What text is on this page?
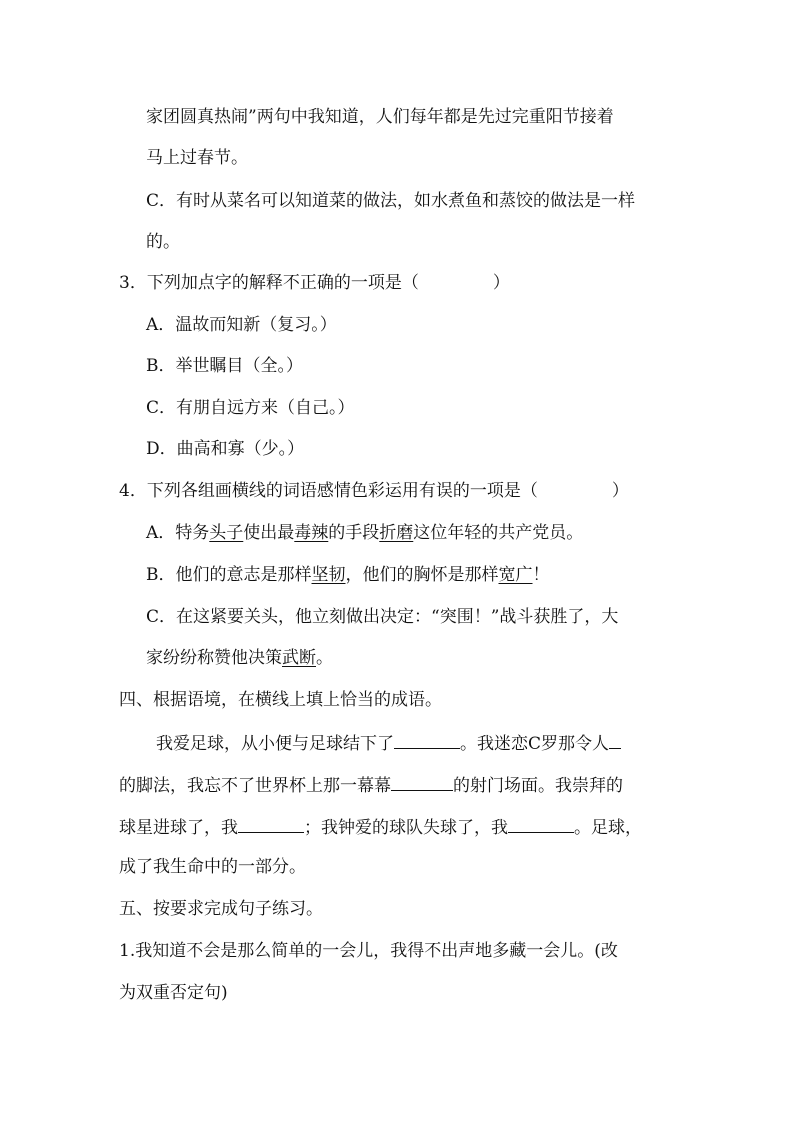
家团圆真热闹”两句中我知道，人们每年都是先过完重阳节接着
马上过春节。
C．有时从菜名可以知道菜的做法，如水煮鱼和蒸饺的做法是一样
的。
3．下列加点字的解释不正确的一项是（	）
A．温故而知新（复习。）
B．举世瞩目（全。）
C．有朋自远方来（自己。）
D．曲高和寡（少。）
4．下列各组画横线的词语感情色彩运用有误的一项是（	）
A．特务头子使出最毒辣的手段折磨这位年轻的共产党员。
B．他们的意志是那样坚韧，他们的胸怀是那样宽广！
C．在这紧要关头，他立刻做出决定：“突围！”战斗获胜了，大
家纷纷称赞他决策武断。
四、根据语境，在横线上填上恰当的成语。
我爱足球，从小便与足球结下了	。我迷恋C罗那令人
的脚法，我忘不了世界杯上那一幕幕	的射门场面。我崇拜的
球星进球了，我	；我钟爱的球队失球了，我	。足球，
成了我生命中的一部分。
五、按要求完成句子练习。
1.我知道不会是那么简单的一会儿，我得不出声地多藏一会儿。(改
为双重否定句)
